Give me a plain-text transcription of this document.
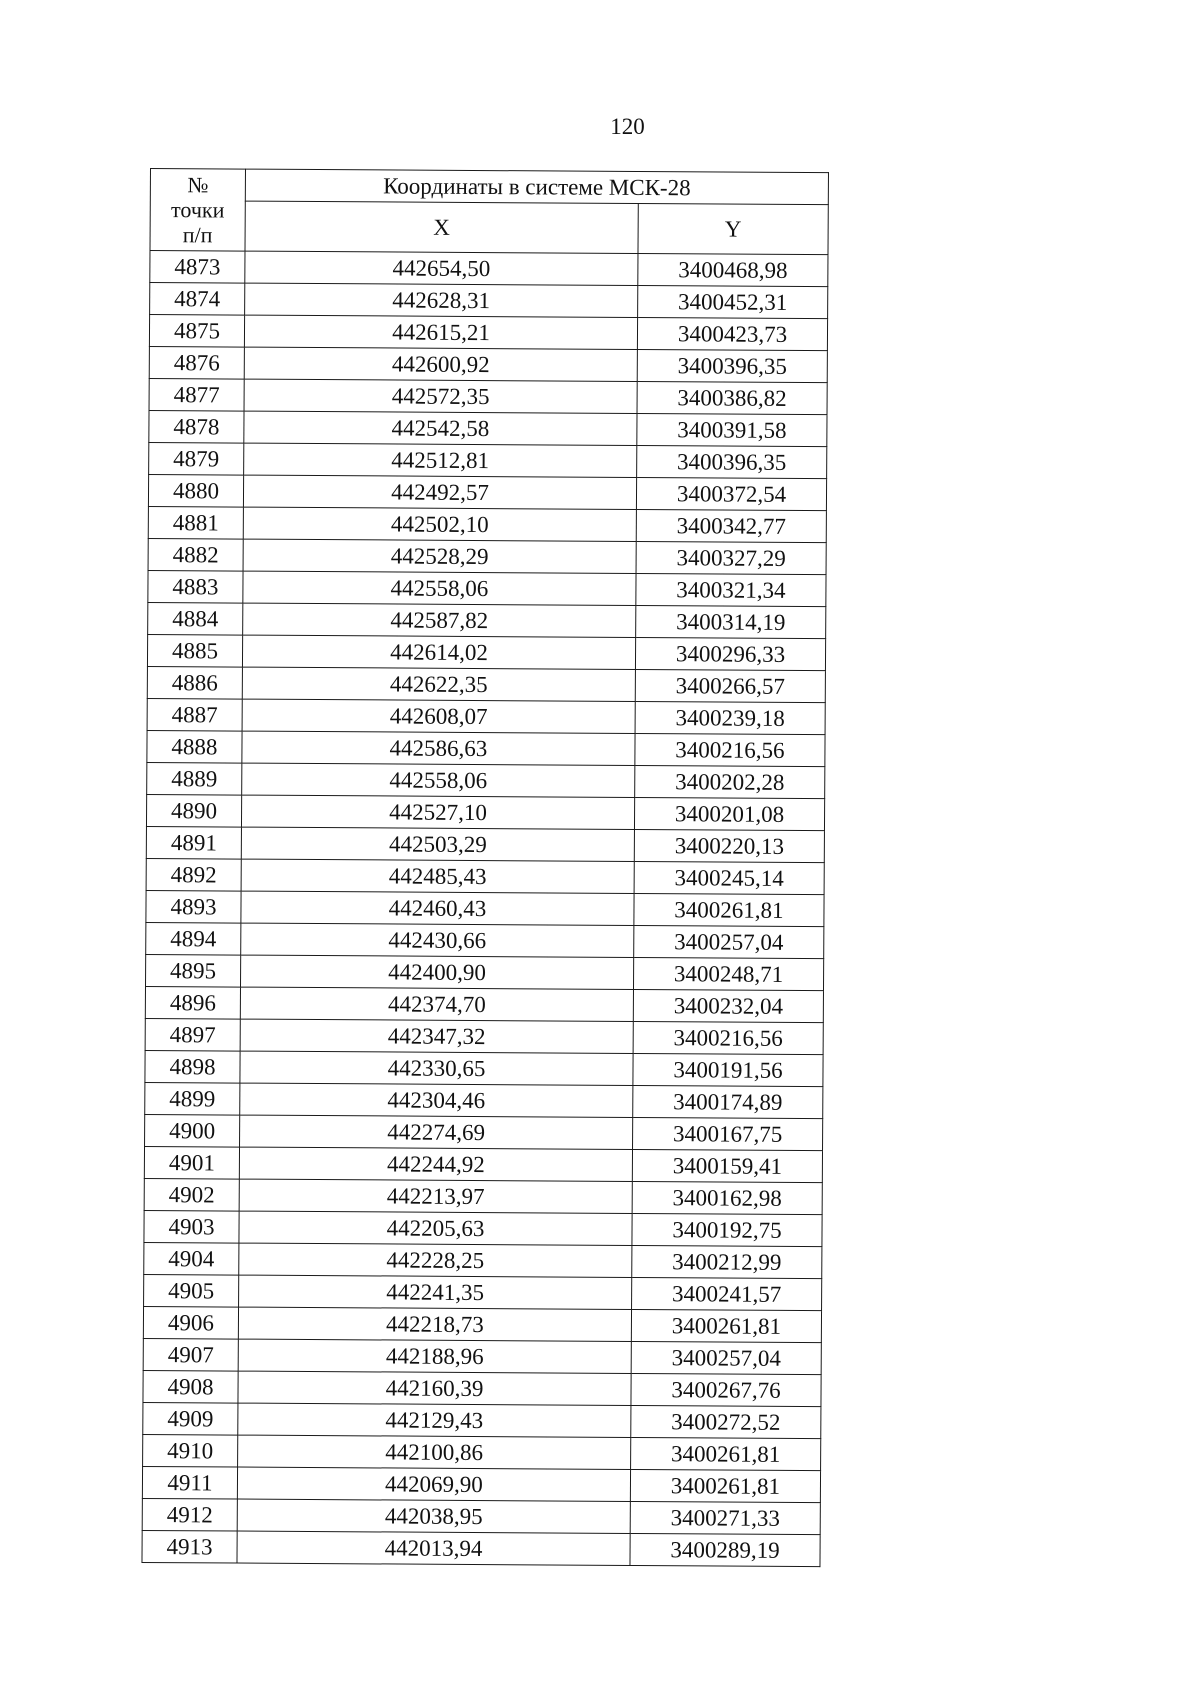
120
№
точки
п/п	Координаты в системе МСК-28	
	X	Y
4873	442654,50	3400468,98
4874	442628,31	3400452,31
4875	442615,21	3400423,73
4876	442600,92	3400396,35
4877	442572,35	3400386,82
4878	442542,58	3400391,58
4879	442512,81	3400396,35
4880	442492,57	3400372,54
4881	442502,10	3400342,77
4882	442528,29	3400327,29
4883	442558,06	3400321,34
4884	442587,82	3400314,19
4885	442614,02	3400296,33
4886	442622,35	3400266,57
4887	442608,07	3400239,18
4888	442586,63	3400216,56
4889	442558,06	3400202,28
4890	442527,10	3400201,08
4891	442503,29	3400220,13
4892	442485,43	3400245,14
4893	442460,43	3400261,81
4894	442430,66	3400257,04
4895	442400,90	3400248,71
4896	442374,70	3400232,04
4897	442347,32	3400216,56
4898	442330,65	3400191,56
4899	442304,46	3400174,89
4900	442274,69	3400167,75
4901	442244,92	3400159,41
4902	442213,97	3400162,98
4903	442205,63	3400192,75
4904	442228,25	3400212,99
4905	442241,35	3400241,57
4906	442218,73	3400261,81
4907	442188,96	3400257,04
4908	442160,39	3400267,76
4909	442129,43	3400272,52
4910	442100,86	3400261,81
4911	442069,90	3400261,81
4912	442038,95	3400271,33
4913	442013,94	3400289,19
